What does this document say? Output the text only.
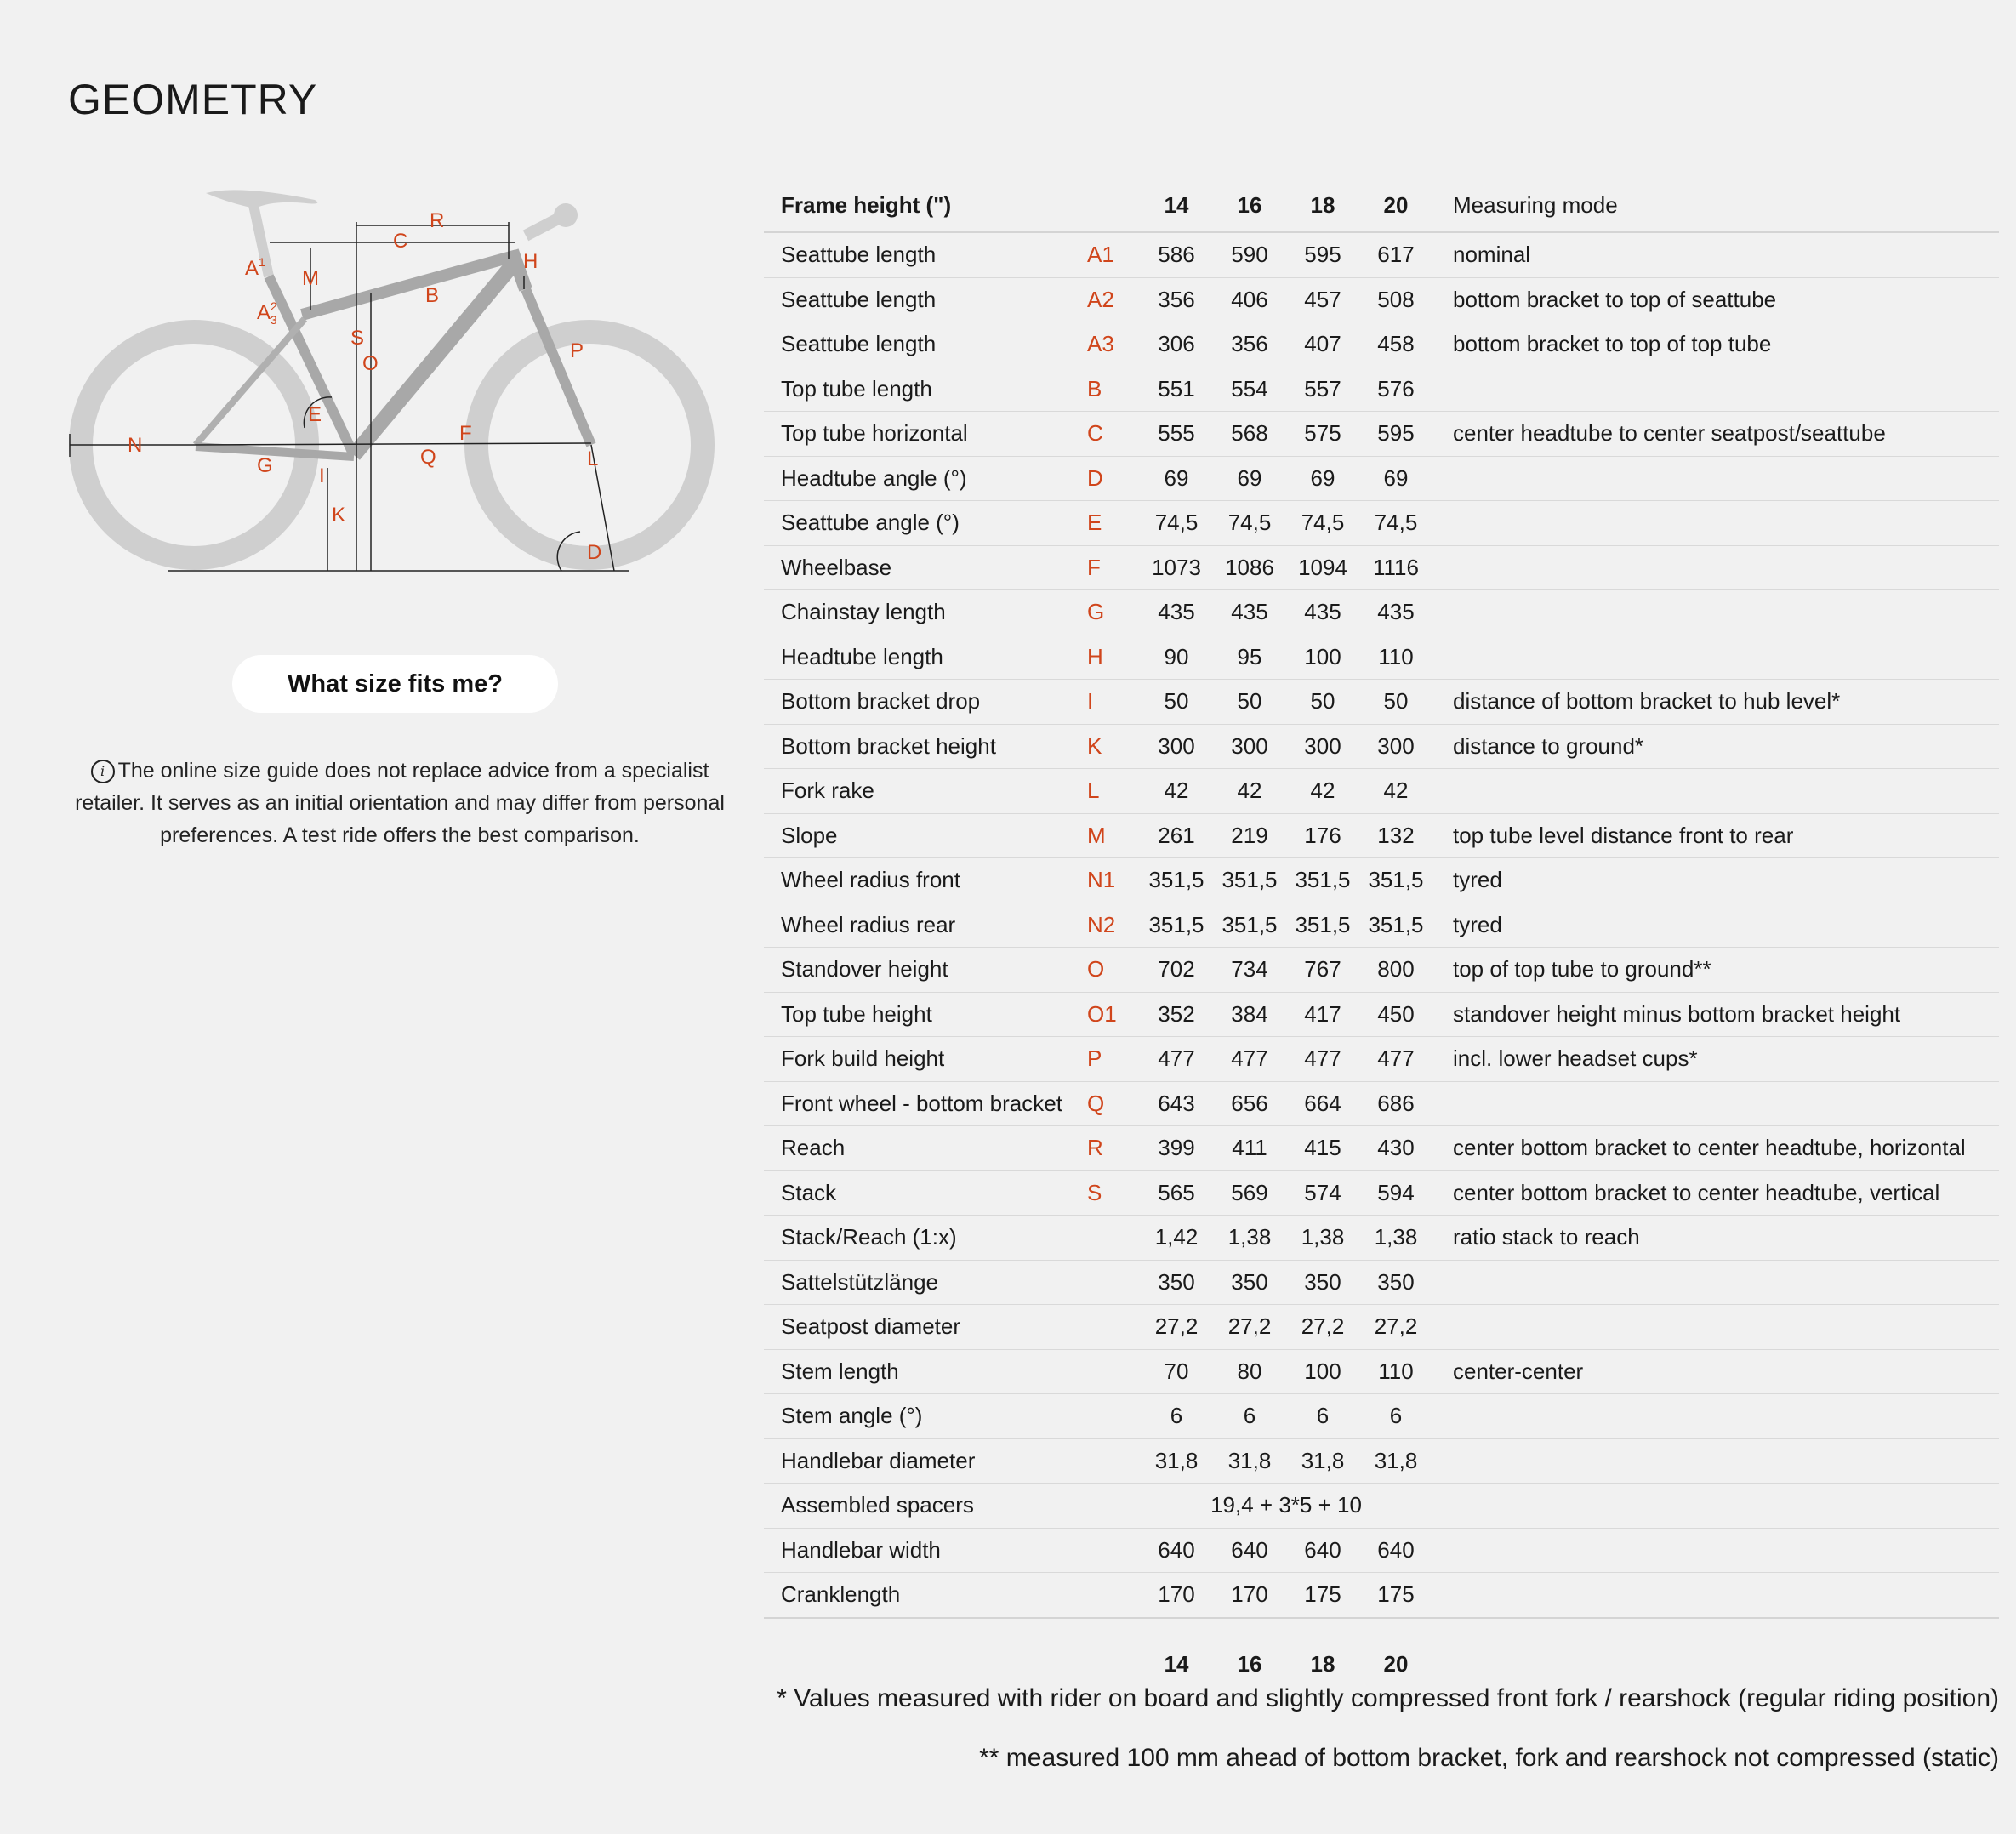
GEOMETRY
$A^1$
$A^2$ 3
M
C
R
H
B
S
O
P
E
F
N
G I
Q	L
K
D
What size fits me?
i The online size guide does not replace advice from a specialist retailer. It serves as an initial orientation and may differ from personal preferences. A test ride offers the best comparison.
Frame height (")		14	16	18	20	Measuring mode
Seattube length	A1	586	590	595	617	nominal
Seattube length	A2	356	406	457	508	bottom bracket to top of seattube
Seattube length	A3	306	356	407	458	bottom bracket to top of top tube
Top tube length	B	551	554	557	576	
Top tube horizontal	C	555	568	575	595	center headtube to center seatpost/seattube
Headtube angle (°)	D	69	69	69	69	
Seattube angle (°)	E	74,5	74,5	74,5	74,5	
Wheelbase	F	1073	1086	1094	1116	
Chainstay length	G	435	435	435	435	
Headtube length	H	90	95	100	110	
Bottom bracket drop	I	50	50	50	50	distance of bottom bracket to hub level*
Bottom bracket height	K	300	300	300	300	distance to ground*
Fork rake	L	42	42	42	42	
Slope	M	261	219	176	132	top tube level distance front to rear
Wheel radius front	N1	351,5	351,5	351,5	351,5	tyred
Wheel radius rear	N2	351,5	351,5	351,5	351,5	tyred
Standover height	O	702	734	767	800	top of top tube to ground**
Top tube height	O1	352	384	417	450	standover height minus bottom bracket height
Fork build height	P	477	477	477	477	incl. lower headset cups*
Front wheel - bottom bracket	Q	643	656	664	686	
Reach	R	399	411	415	430	center bottom bracket to center headtube, horizontal
Stack	S	565	569	574	594	center bottom bracket to center headtube, vertical
Stack/Reach (1:x)		1,42	1,38	1,38	1,38	ratio stack to reach
Sattelstützlänge		350	350	350	350	
Seatpost diameter		27,2	27,2	27,2	27,2	
Stem length		70	80	100	110	center-center
Stem angle (°)		6	6	6	6	
Handlebar diameter		31,8	31,8	31,8	31,8	
Assembled spacers		19,4 + 3*5 + 10				
Handlebar width		640	640	640	640	
Cranklength		170	170	175	175	
		14	16	18	20	
* Values measured with rider on board and slightly compressed front fork / rearshock (regular riding position)
** measured 100 mm ahead of bottom bracket, fork and rearshock not compressed (static)
